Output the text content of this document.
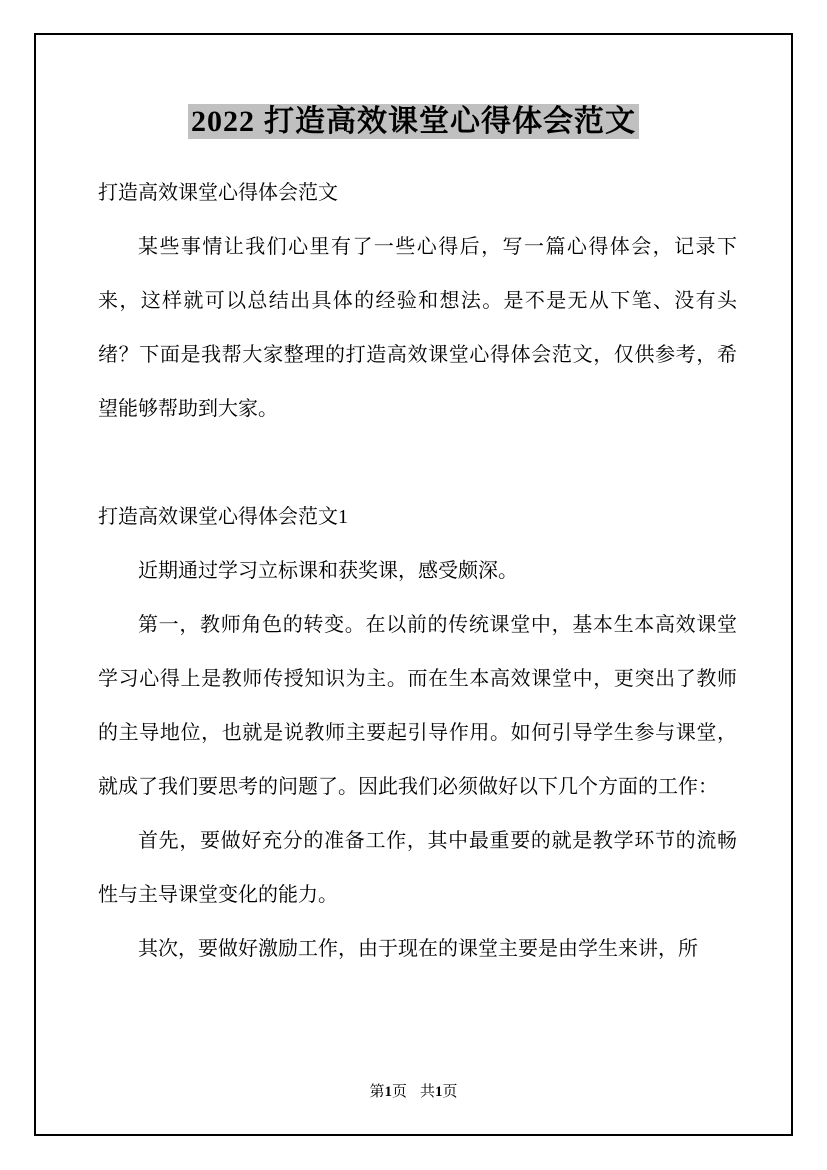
2022 打造高效课堂心得体会范文

打造高效课堂心得体会范文

某些事情让我们心里有了一些心得后，写一篇心得体会，记录下来，这样就可以总结出具体的经验和想法。是不是无从下笔、没有头绪？下面是我帮大家整理的打造高效课堂心得体会范文，仅供参考，希望能够帮助到大家。

打造高效课堂心得体会范文1

近期通过学习立标课和获奖课，感受颇深。

第一，教师角色的转变。在以前的传统课堂中，基本生本高效课堂学习心得上是教师传授知识为主。而在生本高效课堂中，更突出了教师的主导地位，也就是说教师主要起引导作用。如何引导学生参与课堂，就成了我们要思考的问题了。因此我们必须做好以下几个方面的工作：

首先，要做好充分的准备工作，其中最重要的就是教学环节的流畅性与主导课堂变化的能力。

其次，要做好激励工作，由于现在的课堂主要是由学生来讲，所

第1页 共1页
